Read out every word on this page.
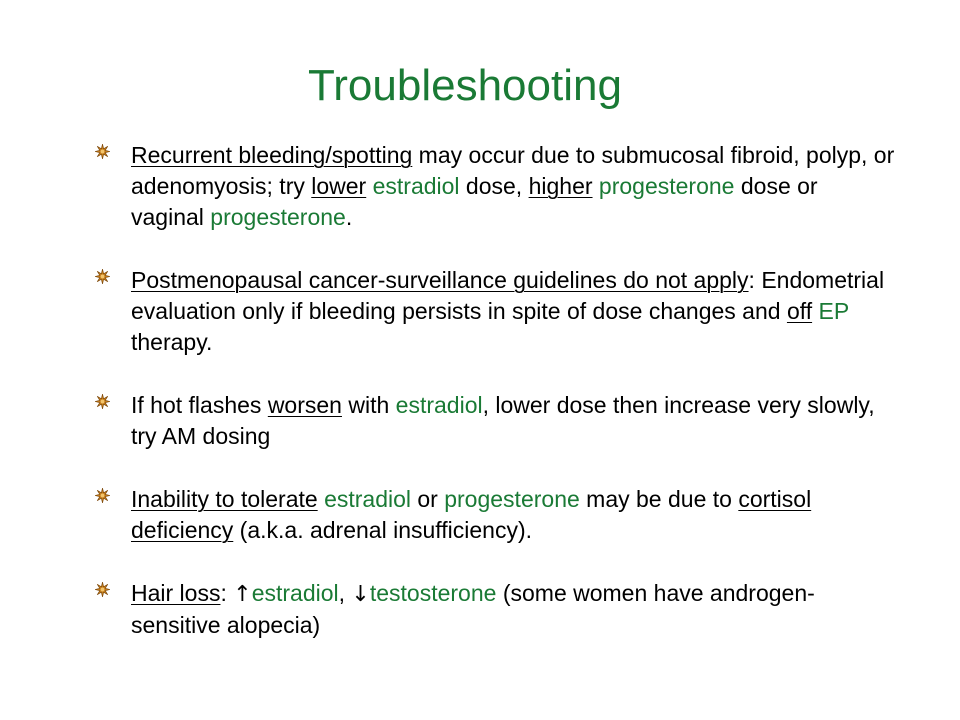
Troubleshooting
Recurrent bleeding/spotting may occur due to submucosal fibroid, polyp, or adenomyosis; try lower estradiol dose, higher progesterone dose or vaginal progesterone.
Postmenopausal cancer-surveillance guidelines do not apply: Endometrial evaluation only if bleeding persists in spite of dose changes and off EP therapy.
If hot flashes worsen with estradiol, lower dose then increase very slowly, try AM dosing
Inability to tolerate estradiol or progesterone may be due to cortisol deficiency (a.k.a. adrenal insufficiency).
Hair loss: ↑estradiol, ↓testosterone (some women have androgen-sensitive alopecia)
